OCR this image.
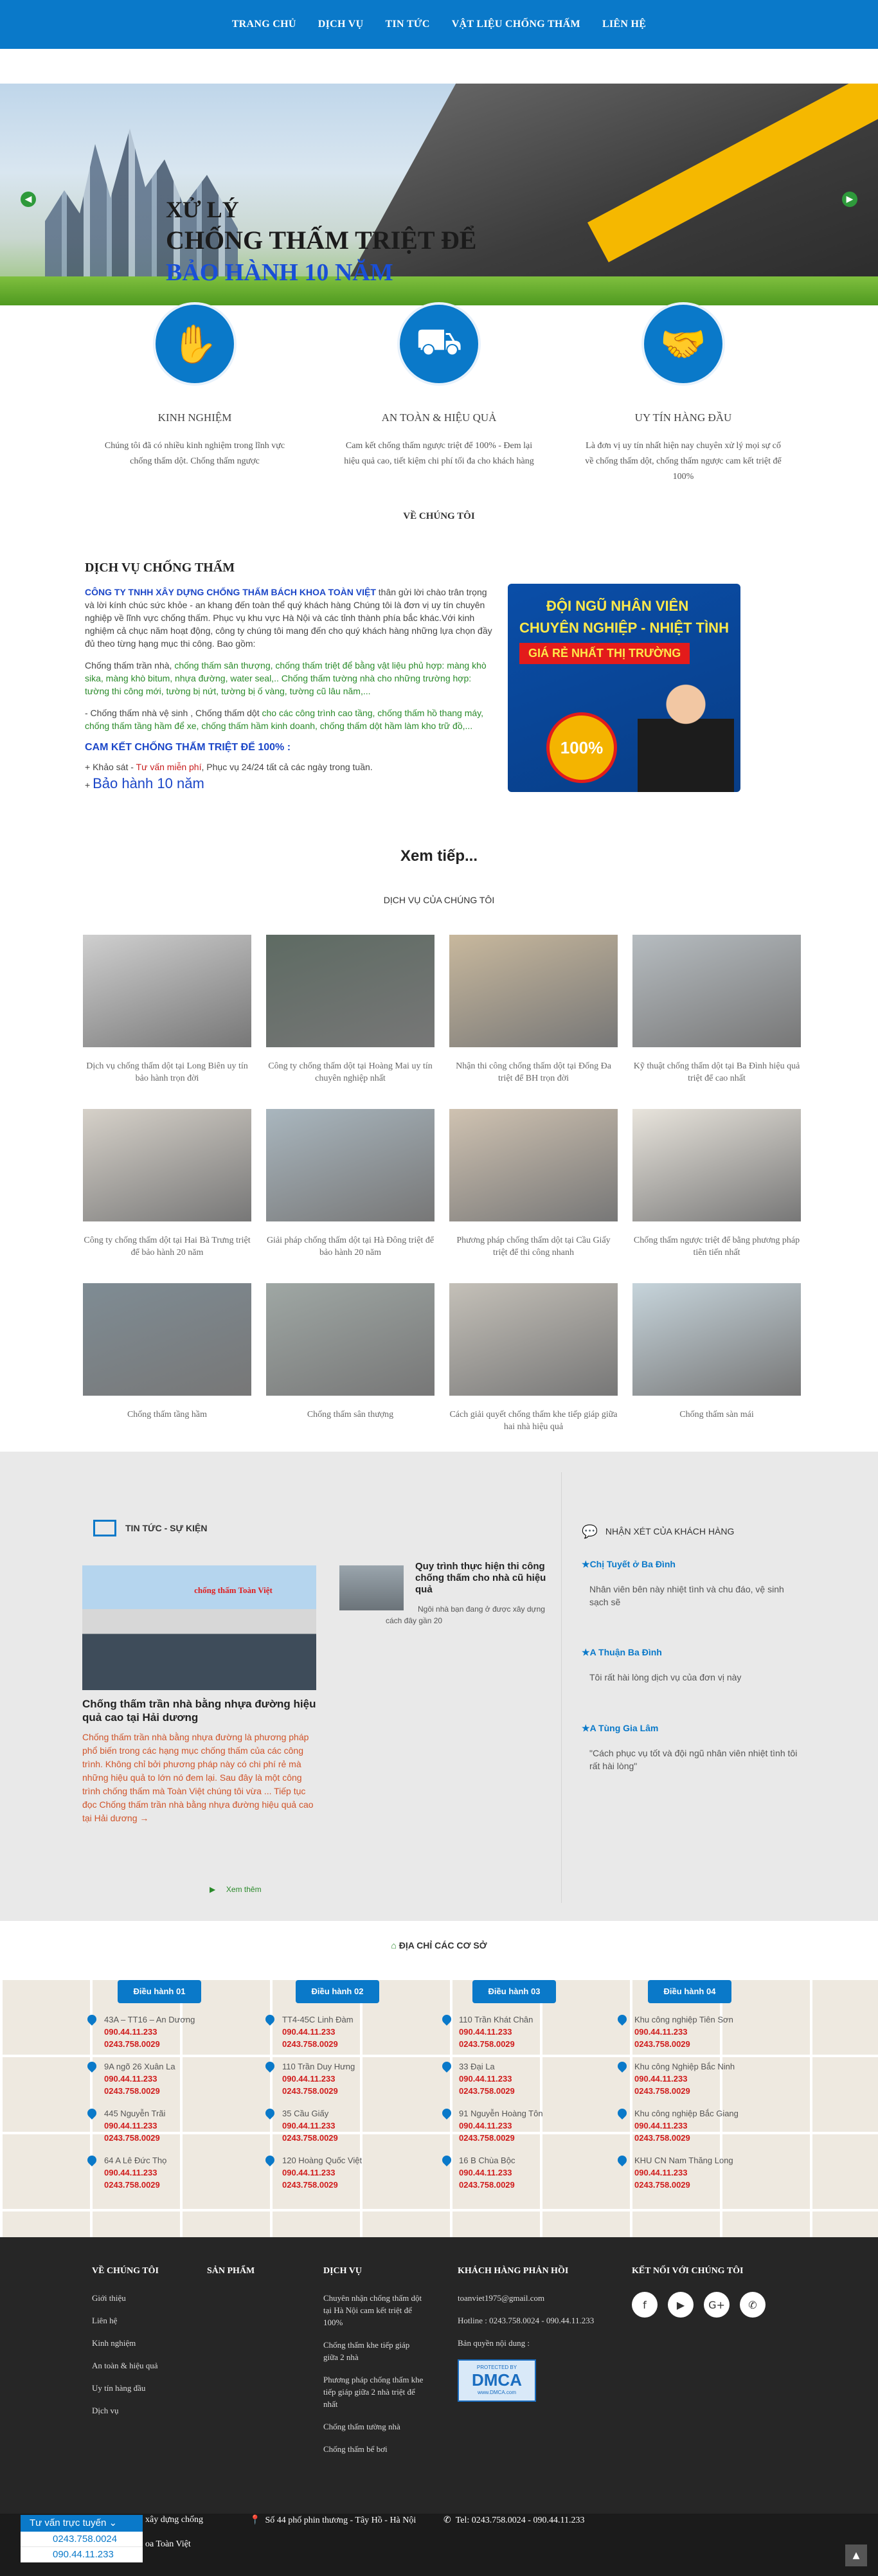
TRANG CHỦ DỊCH VỤ TIN TỨC VẬT LIỆU CHỐNG THẤM LIÊN HỆ
XỬ LÝ
CHỐNG THẤM TRIỆT ĐỂ
BẢO HÀNH 10 NĂM
◀	▶
✋
KINH NGHIỆM

Chúng tôi đã có nhiều kinh nghiệm trong lĩnh vực chống thấm dột. Chống thấm ngược

⛟
AN TOÀN & HIỆU QUẢ

Cam kết chống thấm ngược triệt để 100% - Đem lại hiệu quả cao, tiết kiệm chi phí tối đa cho khách hàng

🤝
UY TÍN HÀNG ĐẦU

Là đơn vị uy tín nhất hiện nay chuyên xử lý mọi sự cố về chống thấm dột, chống thấm ngược cam kết triệt để 100%

VỀ CHÚNG TÔI
DỊCH VỤ CHỐNG THẤM

CÔNG TY TNHH XÂY DỰNG CHỐNG THẤM BÁCH KHOA TOÀN VIỆT thân gửi lời chào trân trọng và lời kính chúc sức khỏe - an khang đến toàn thể quý khách hàng Chúng tôi là đơn vị uy tín chuyên nghiệp về lĩnh vực chống thấm. Phục vụ khu vực Hà Nội và các tỉnh thành phía bắc khác.Với kinh nghiệm cả chục năm hoạt động, công ty chúng tôi mang đến cho quý khách hàng những lựa chọn đầy đủ theo từng hạng mục thi công. Bao gồm:

Chống thấm trần nhà, chống thấm sân thượng, chống thấm triệt để bằng vật liệu phủ hợp: màng khò sika, màng khò bitum, nhựa đường, water seal,.. Chống thấm tường nhà cho những trường hợp: tường thi công mới, tường bị nứt, tường bị ố vàng, tường cũ lâu năm,...

- Chống thấm nhà vệ sinh , Chống thấm dột cho các công trình cao tầng, chống thấm hồ thang máy, chống thấm tầng hầm để xe, chống thấm hầm kinh doanh, chống thấm dột hầm làm kho trữ đồ,...

CAM KẾT CHỐNG THẤM TRIỆT ĐỂ 100% :

+ Khảo sát - Tư vấn miễn phí, Phục vụ 24/24 tất cả các ngày trong tuần.

+ Bảo hành 10 năm

ĐỘI NGŨ NHÂN VIÊN
CHUYÊN NGHIỆP - NHIỆT TÌNH
GIÁ RẺ NHẤT THỊ TRƯỜNG
100%
Xem tiếp...
DỊCH VỤ CỦA CHÚNG TÔI

Dịch vụ chống thấm dột tại Long Biên uy tín bảo hành trọn đời

Công ty chống thấm dột tại Hoàng Mai uy tín chuyên nghiệp nhất

Nhận thi công chống thấm dột tại Đống Đa triệt để BH trọn đời

Kỹ thuật chống thấm dột tại Ba Đình hiệu quả triệt để cao nhất

Công ty chống thấm dột tại Hai Bà Trưng triệt để bảo hành 20 năm

Giải pháp chống thấm dột tại Hà Đông triệt để bảo hành 20 năm

Phương pháp chống thấm dột tại Cầu Giấy triệt để thi công nhanh

Chống thấm ngược triệt để bằng phương pháp tiên tiến nhất

Chống thấm tầng hầm	Chống thấm sân thượng	Cách giải quyết chống thấm khe tiếp giáp giữa hai nhà hiệu quả

Chống thấm sàn mái

TIN TỨC - SỰ KIỆN
chống thấm Toàn Việt
Chống thấm trần nhà bằng nhựa đường hiệu quả cao tại Hải dương
Chống thấm trần nhà bằng nhựa đường là phương pháp phổ biến trong các hạng mục chống thấm của các công trình. Không chỉ bởi phương pháp này có chi phí rẻ mà những hiệu quả to lớn nó đem lại. Sau đây là một công trình chống thấm mà Toàn Việt chúng tôi vừa ... Tiếp tục đọc Chống thấm trần nhà bằng nhựa đường hiệu quả cao tại Hải dương →
▶     Xem thêm
Quy trình thực hiện thi công chống thấm cho nhà cũ hiệu quả
Ngôi nhà bạn đang ở được xây dựng cách đây gần 20
💬 NHẬN XÉT CỦA KHÁCH HÀNG
★ Chị Tuyết ở Ba Đình
Nhân viên bên này nhiệt tình và chu đáo, vệ sinh sạch sẽ
★ A Thuận Ba Đình
Tôi rất hài lòng dịch vụ của đơn vị này
★ A Tùng Gia Lâm
"Cách phục vụ tốt và đội ngũ nhân viên nhiệt tình tôi rất hài lòng"
⌂ ĐỊA CHỈ CÁC CƠ SỞ
Điều hành 01
43A – TT16 – An Dương
090.44.11.233
0243.758.0029
9A ngõ 26 Xuân La
090.44.11.233
0243.758.0029
445 Nguyễn Trãi
090.44.11.233
0243.758.0029
64 A Lê Đức Thọ
090.44.11.233
0243.758.0029
Điều hành 02
TT4-45C Linh Đàm
090.44.11.233
0243.758.0029
110 Trần Duy Hưng
090.44.11.233
0243.758.0029
35 Cầu Giấy
090.44.11.233
0243.758.0029
120 Hoàng Quốc Việt
090.44.11.233
0243.758.0029
Điều hành 03
110 Trần Khát Chân
090.44.11.233
0243.758.0029
33 Đại La
090.44.11.233
0243.758.0029
91 Nguyễn Hoàng Tôn
090.44.11.233
0243.758.0029
16 B Chùa Bộc
090.44.11.233
0243.758.0029
Điều hành 04
Khu công nghiệp Tiên Sơn
090.44.11.233
0243.758.0029
Khu công Nghiệp Bắc Ninh
090.44.11.233
0243.758.0029
Khu công nghiệp Bắc Giang
090.44.11.233
0243.758.0029
KHU CN Nam Thăng Long
090.44.11.233
0243.758.0029
VỀ CHÚNG TÔI
Giới thiệu
Liên hệ
Kinh nghiệm
An toàn & hiệu quả
Uy tín hàng đầu
Dịch vụ
SẢN PHẨM	DỊCH VỤ
Chuyên nhận chống thấm dột tại Hà Nội cam kết triệt để 100%
Chống thấm khe tiếp giáp giữa 2 nhà
Phương pháp chống thấm khe tiếp giáp giữa 2 nhà triệt để nhất
Chống thấm tường nhà
Chống thấm bể bơi
KHÁCH HÀNG PHẢN HỒI
toanviet1975@gmail.com
Hotline : 0243.758.0024 - 090.44.11.233
Bản quyền nội dung :
PROTECTED BY
DMCA
www.DMCA.com
KẾT NỐI VỚI CHÚNG TÔI
f	▶	G+	✆
xây dựng chống
oa Toàn Việt
📍  Số 44 phố phin thương - Tây Hồ - Hà Nội	✆  Tel: 0243.758.0024 - 090.44.11.233
Tư vấn trực tuyến ⌄
0243.758.0024
090.44.11.233	▲
